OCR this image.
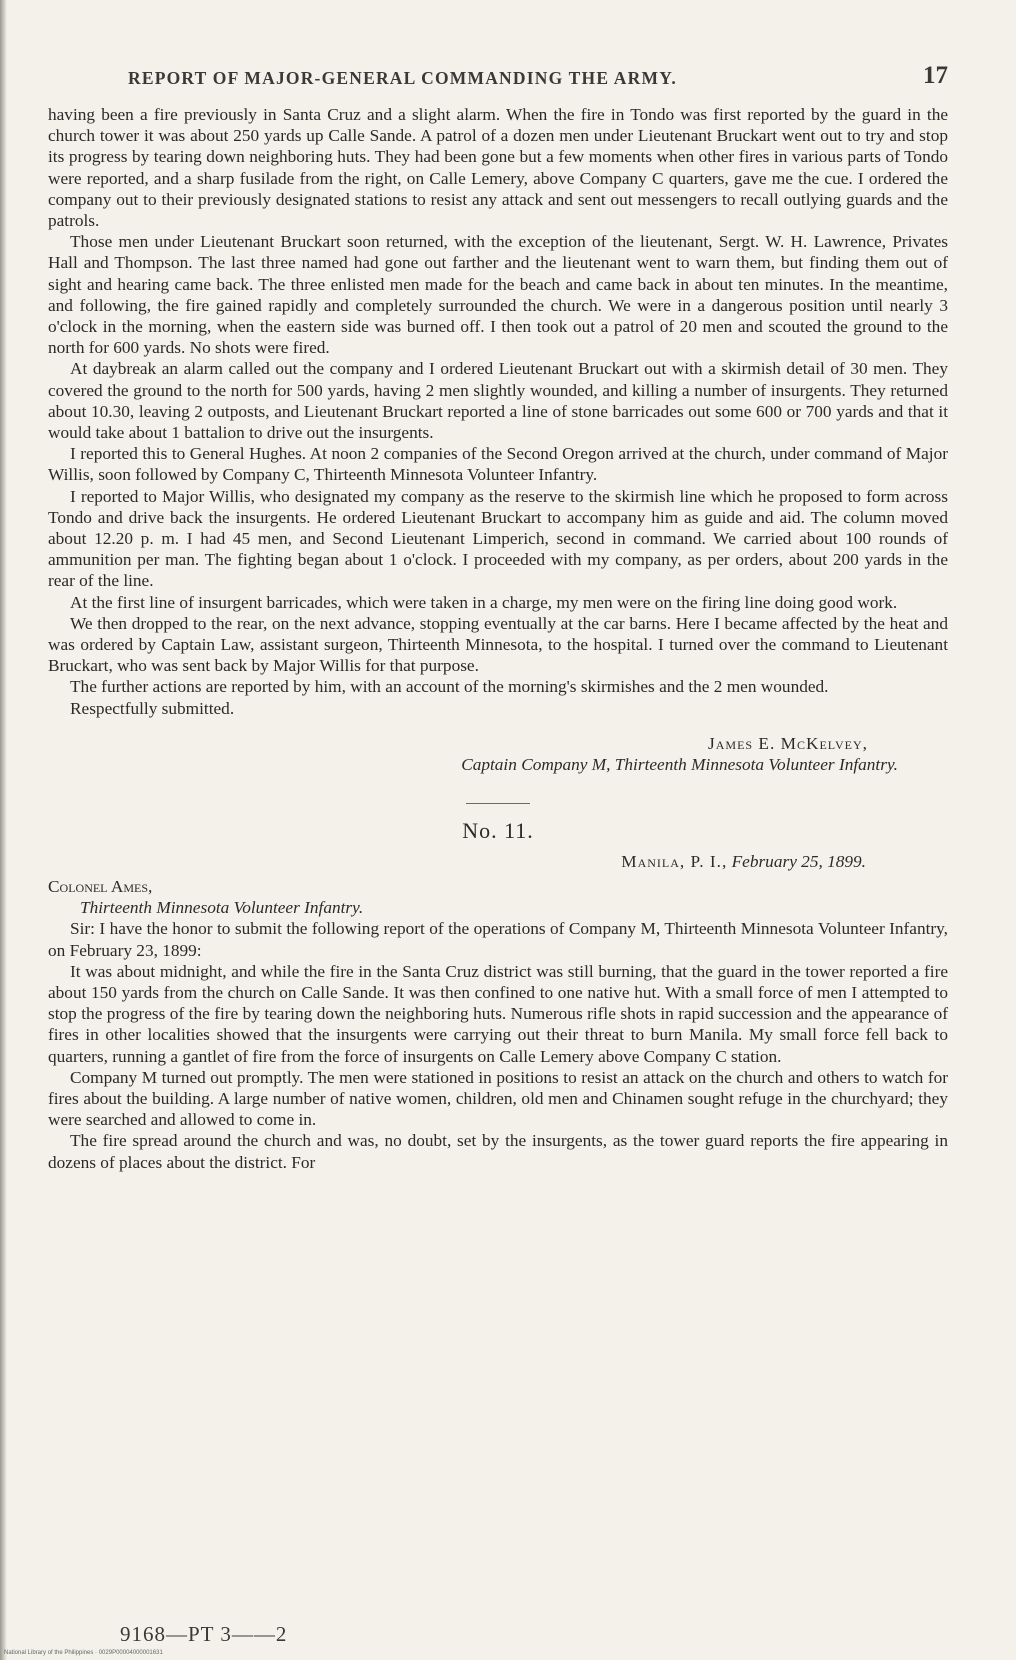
REPORT OF MAJOR-GENERAL COMMANDING THE ARMY.	17

having been a fire previously in Santa Cruz and a slight alarm. When the fire in Tondo was first reported by the guard in the church tower it was about 250 yards up Calle Sande. A patrol of a dozen men under Lieutenant Bruckart went out to try and stop its progress by tearing down neighboring huts. They had been gone but a few moments when other fires in various parts of Tondo were reported, and a sharp fusilade from the right, on Calle Lemery, above Company C quarters, gave me the cue. I ordered the company out to their previously designated stations to resist any attack and sent out messengers to recall outlying guards and the patrols.

Those men under Lieutenant Bruckart soon returned, with the exception of the lieutenant, Sergt. W. H. Lawrence, Privates Hall and Thompson. The last three named had gone out farther and the lieutenant went to warn them, but finding them out of sight and hearing came back. The three enlisted men made for the beach and came back in about ten minutes. In the meantime, and following, the fire gained rapidly and completely surrounded the church. We were in a dangerous position until nearly 3 o'clock in the morning, when the eastern side was burned off. I then took out a patrol of 20 men and scouted the ground to the north for 600 yards. No shots were fired.

At daybreak an alarm called out the company and I ordered Lieutenant Bruckart out with a skirmish detail of 30 men. They covered the ground to the north for 500 yards, having 2 men slightly wounded, and killing a number of insurgents. They returned about 10.30, leaving 2 outposts, and Lieutenant Bruckart reported a line of stone barricades out some 600 or 700 yards and that it would take about 1 battalion to drive out the insurgents.

I reported this to General Hughes. At noon 2 companies of the Second Oregon arrived at the church, under command of Major Willis, soon followed by Company C, Thirteenth Minnesota Volunteer Infantry.

I reported to Major Willis, who designated my company as the reserve to the skirmish line which he proposed to form across Tondo and drive back the insurgents. He ordered Lieutenant Bruckart to accompany him as guide and aid. The column moved about 12.20 p. m. I had 45 men, and Second Lieutenant Limperich, second in command. We carried about 100 rounds of ammunition per man. The fighting began about 1 o'clock. I proceeded with my company, as per orders, about 200 yards in the rear of the line.

At the first line of insurgent barricades, which were taken in a charge, my men were on the firing line doing good work.

We then dropped to the rear, on the next advance, stopping eventually at the car barns. Here I became affected by the heat and was ordered by Captain Law, assistant surgeon, Thirteenth Minnesota, to the hospital. I turned over the command to Lieutenant Bruckart, who was sent back by Major Willis for that purpose.

The further actions are reported by him, with an account of the morning's skirmishes and the 2 men wounded.

Respectfully submitted.

James E. McKelvey,
Captain Company M, Thirteenth Minnesota Volunteer Infantry.
No. 11.
Manila, P. I., February 25, 1899.
Colonel Ames,
Thirteenth Minnesota Volunteer Infantry.

Sir: I have the honor to submit the following report of the operations of Company M, Thirteenth Minnesota Volunteer Infantry, on February 23, 1899:

It was about midnight, and while the fire in the Santa Cruz district was still burning, that the guard in the tower reported a fire about 150 yards from the church on Calle Sande. It was then confined to one native hut. With a small force of men I attempted to stop the progress of the fire by tearing down the neighboring huts. Numerous rifle shots in rapid succession and the appearance of fires in other localities showed that the insurgents were carrying out their threat to burn Manila. My small force fell back to quarters, running a gantlet of fire from the force of insurgents on Calle Lemery above Company C station.

Company M turned out promptly. The men were stationed in positions to resist an attack on the church and others to watch for fires about the building. A large number of native women, children, old men and Chinamen sought refuge in the churchyard; they were searched and allowed to come in.

The fire spread around the church and was, no doubt, set by the insurgents, as the tower guard reports the fire appearing in dozens of places about the district. For

9168—PT 3——2
National Library of the Philippines · 0029P00004000001631
